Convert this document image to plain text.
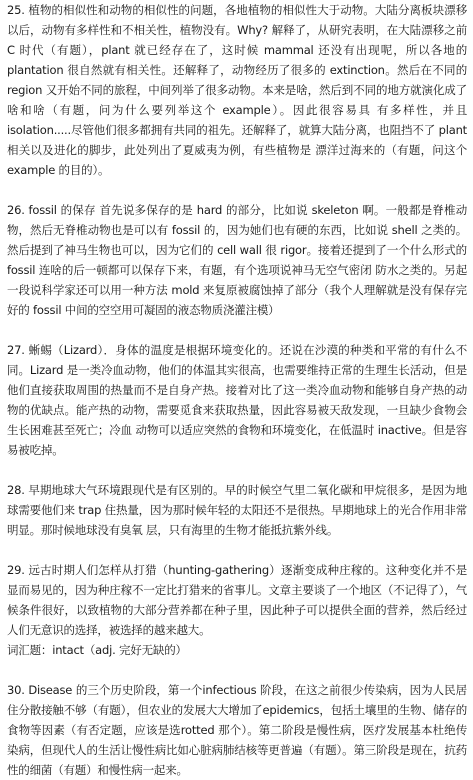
25. 植物的相似性和动物的相似性的问题，各地植物的相似性大于动物。大陆分离板块漂移以后，动物有多样性和不相关性，植物没有。Why? 解释了，从研究表明，在大陆漂移之前 C 时代（有题），plant 就已经存在了，这时候 mammal 还没有出现呢，所以各地的 plantation 很自然就有相关性。还解释了，动物经历了很多的 extinction。然后在不同的 region 又开始不同的旅程，中间列举了很多动物。本来是啥，然后到不同的地方就演化成了啥和啥（有题，问为什么要列举这个 example）。因此很容易具 有多样性，并且 isolation.....尽管他们很多都拥有共同的祖先。还解释了，就算大陆分离，也阻挡不了 plant 相关以及进化的脚步，此处列出了夏威夷为例，有些植物是 漂洋过海来的（有题，问这个 example 的目的）。

26. fossil 的保存 首先说多保存的是 hard 的部分，比如说 skeleton 啊。一般都是脊椎动物，然后无脊椎动物也是可以有 fossil 的，因为她们也有硬的东西，比如说 shell 之类的。然后提到了神马生物也可以，因为它们的 cell wall 很 rigor。接着还提到了一个什么形式的 fossil 连啥的后一顿都可以保存下来，有题，有个选项说神马无空气密闭 防水之类的。另起一段说科学家还可以用一种方法 mold 来复原被腐蚀掉了部分（我个人理解就是没有保存完好的 fossil 中间的空空用可凝固的液态物质浇灌注模）

27. 蜥蜴（Lizard）．身体的温度是根据环境变化的。还说在沙漠的种类和平常的有什么不同。Lizard 是一类冷血动物，他们的体温其实很高，也需要维持正常的生理生长活动，但是他们直接获取周围的热量而不是自身产热。接着对比了这一类冷血动物和能够自身产热的动物的优缺点。能产热的动物，需要觅食来获取热量，因此容易被天敌发现，一旦缺少食物会生长困难甚至死亡；冷血 动物可以适应突然的食物和环境变化，在低温时 inactive。但是容易被吃掉。

28. 早期地球大气环境跟现代是有区别的。早的时候空气里二氧化碳和甲烷很多，是因为地球需要他们来 trap 住热量，因为那时候年轻的太阳还不是很热。早期地球上的光合作用非常明显。那时候地球没有臭氧 层，只有海里的生物才能抵抗紫外线。

29. 远古时期人们怎样从打猎（hunting-gathering）逐渐变成种庄稼的。这种变化并不是显而易见的，因为种庄稼不一定比打猎来的省事儿。文章主要谈了一个地区（不记得了），气候条件很好，以致植物的大部分营养都在种子里，因此种子可以提供全面的营养，然后经过人们无意识的选择，被选择的越来越大。

词汇题：intact（adj. 完好无缺的）

30. Disease 的三个历史阶段，第一个infectious 阶段，在这之前很少传染病，因为人民居住分散接触不够（有题），但农业的发展大大增加了epidemics，包括土壤里的生物、储存的食物等因素（有否定题，应该是选rotted 那个）。第二阶段是慢性病，医疗发展基本杜绝传染病，但现代人的生活让慢性病比如心脏病肺结核等更普遍（有题）。第三阶段是现在，抗药性的细菌（有题）和慢性病一起来。
